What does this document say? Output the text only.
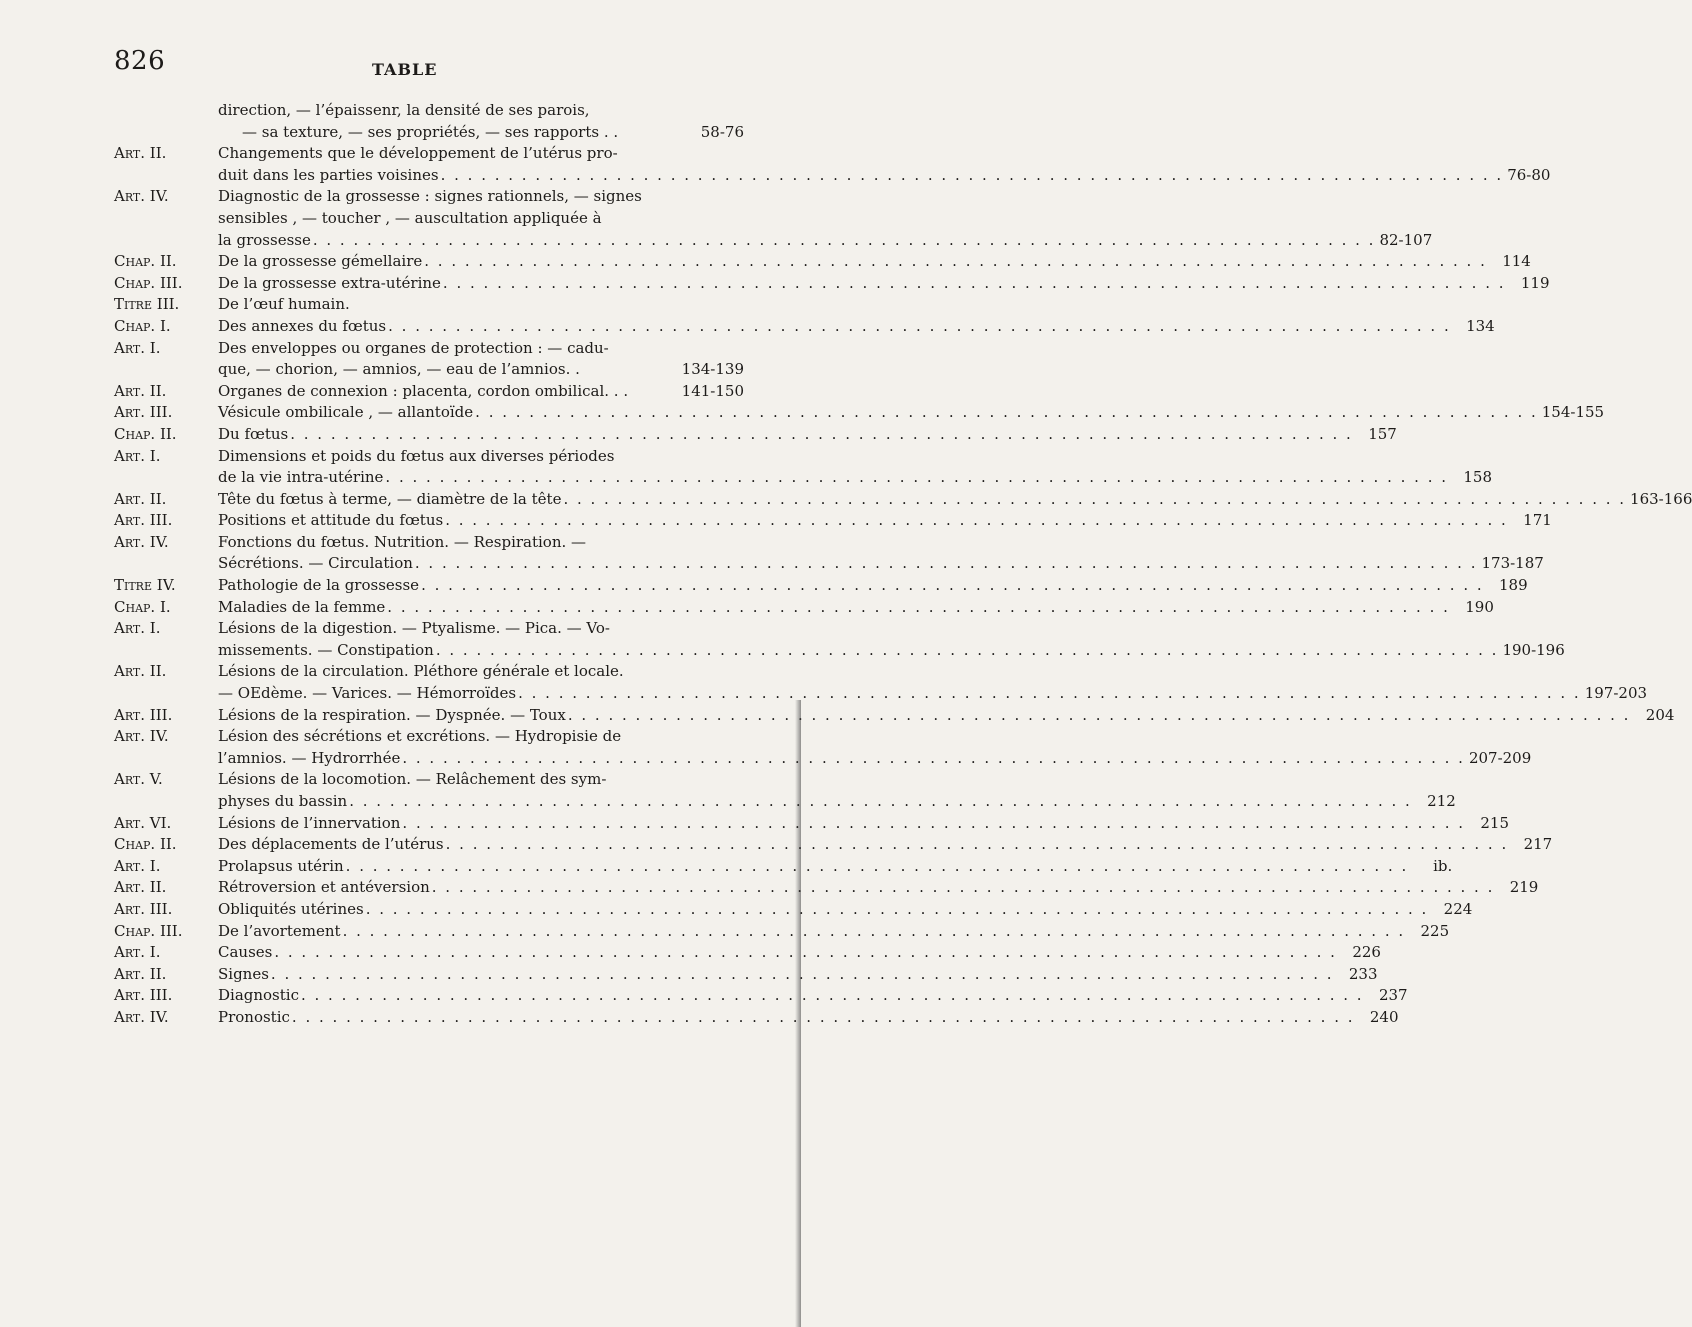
826	TABLE
direction, — l’épaissenr, la densité de ses parois,
— sa texture, — ses propriétés, — ses rapports . .	58-76
Art. II.	Changements que le développement de l’utérus pro-
duit dans les parties voisines . . .	76-80
Art. IV.	Diagnostic de la grossesse : signes rationnels, — signes
sensibles , — toucher , — auscultation appliquée à
la grossesse . . .	82-107
Chap. II.	De la grossesse gémellaire . . .	114
Chap. III.	De la grossesse extra-utérine . . .	119
Titre III.	De l’œuf humain.
Chap. I.	Des annexes du fœtus . . .	134
Art. I.	Des enveloppes ou organes de protection : — cadu-
que, — chorion, — amnios, — eau de l’amnios. .	134-139
Art. II.	Organes de connexion : placenta, cordon ombilical. . .	141-150
Art. III.	Vésicule ombilicale , — allantoïde . . .	154-155
Chap. II.	Du fœtus . . .	157
Art. I.	Dimensions et poids du fœtus aux diverses périodes
de la vie intra-utérine . . .	158
Art. II.	Tête du fœtus à terme, — diamètre de la tête . . .	163-166
Art. III.	Positions et attitude du fœtus . . .	171
Art. IV.	Fonctions du fœtus. Nutrition. — Respiration. —
Sécrétions. — Circulation . . .	173-187
Titre IV.	Pathologie de la grossesse . . .	189
Chap. I.	Maladies de la femme . . .	190
Art. I.	Lésions de la digestion. — Ptyalisme. — Pica. — Vo-
missements. — Constipation . . .	190-196
Art. II.	Lésions de la circulation. Pléthore générale et locale.
— OEdème. — Varices. — Hémorroïdes . . .	197-203
Art. III.	Lésions de la respiration. — Dyspnée. — Toux . . .	204
Art. IV.	Lésion des sécrétions et excrétions. — Hydropisie de
l’amnios. — Hydrorrhée . . .	207-209
Art. V.	Lésions de la locomotion. — Relâchement des sym-
physes du bassin . . .	212
Art. VI.	Lésions de l’innervation . . .	215
Chap. II.	Des déplacements de l’utérus . . .	217
Art. I.	Prolapsus utérin . . .	ib.
Art. II.	Rétroversion et antéversion . . .	219
Art. III.	Obliquités utérines . . .	224
Chap. III.	De l’avortement . . .	225
Art. I.	Causes . . .	226
Art. II.	Signes . . .	233
Art. III.	Diagnostic . . .	237
Art. IV.	Pronostic . . .	240
